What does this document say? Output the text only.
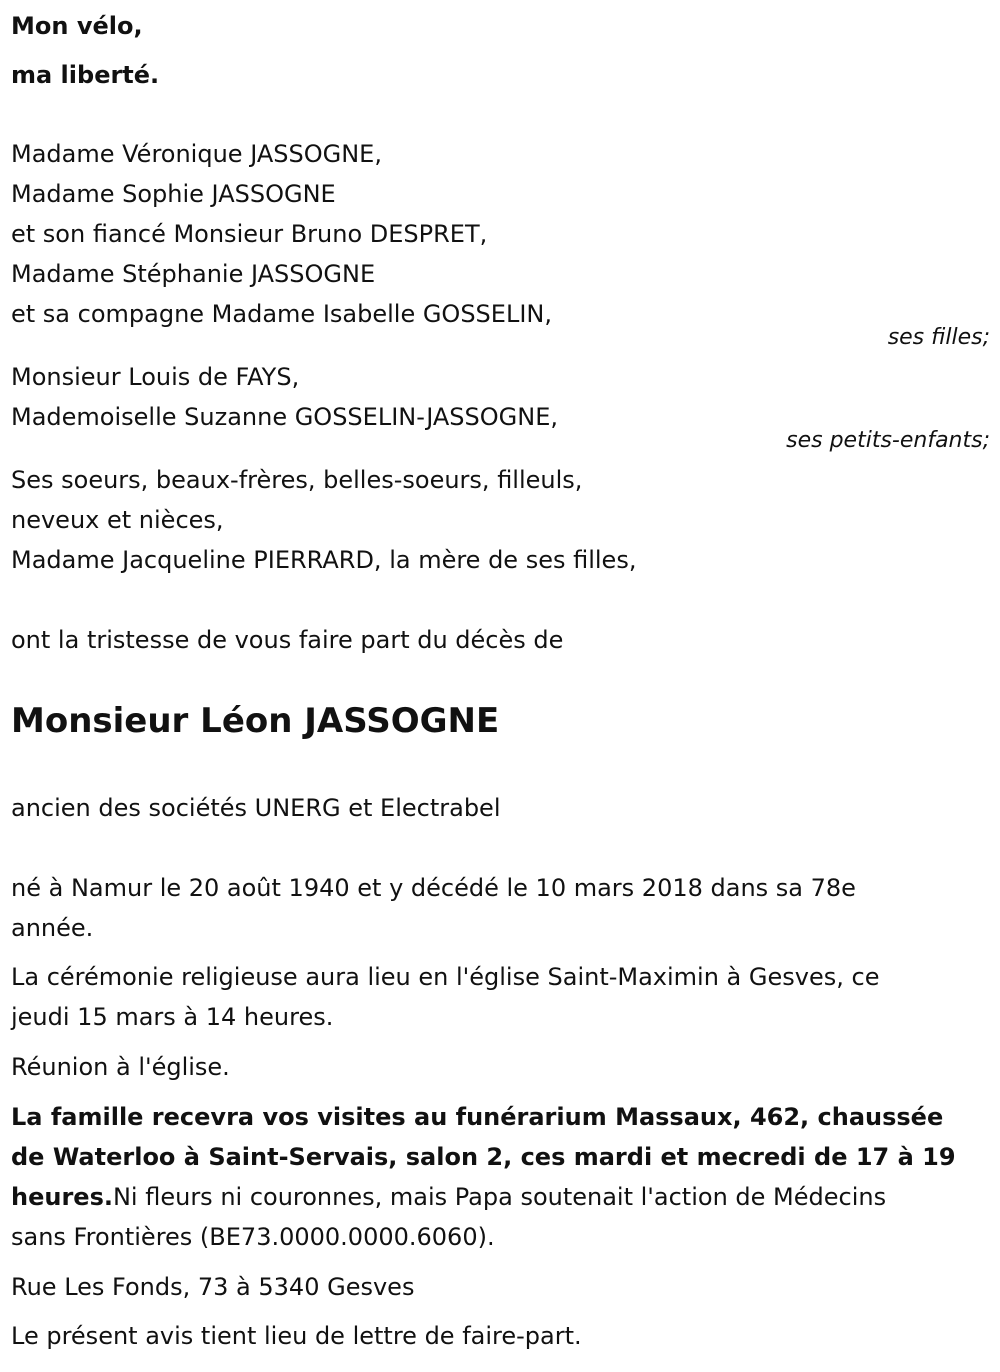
Mon vélo,
ma liberté.
Madame Véronique JASSOGNE,
Madame Sophie JASSOGNE
et son fiancé Monsieur Bruno DESPRET,
Madame Stéphanie JASSOGNE
et sa compagne Madame Isabelle GOSSELIN,
ses filles;
Monsieur Louis de FAYS,
Mademoiselle Suzanne GOSSELIN-JASSOGNE,
ses petits-enfants;
Ses soeurs, beaux-frères, belles-soeurs, filleuls,
neveux et nièces,
Madame Jacqueline PIERRARD, la mère de ses filles,
ont la tristesse de vous faire part du décès de
Monsieur Léon JASSOGNE
ancien des sociétés UNERG et Electrabel
né à Namur le 20 août 1940 et y décédé le 10 mars 2018 dans sa 78e
année.
La cérémonie religieuse aura lieu en l'église Saint-Maximin à Gesves, ce
jeudi 15 mars à 14 heures.
Réunion à l'église.
La famille recevra vos visites au funérarium Massaux, 462, chaussée
de Waterloo à Saint-Servais, salon 2, ces mardi et mecredi de 17 à 19
heures.Ni fleurs ni couronnes, mais Papa soutenait l'action de Médecins
sans Frontières (BE73.0000.0000.6060).
Rue Les Fonds, 73 à 5340 Gesves
Le présent avis tient lieu de lettre de faire-part.
